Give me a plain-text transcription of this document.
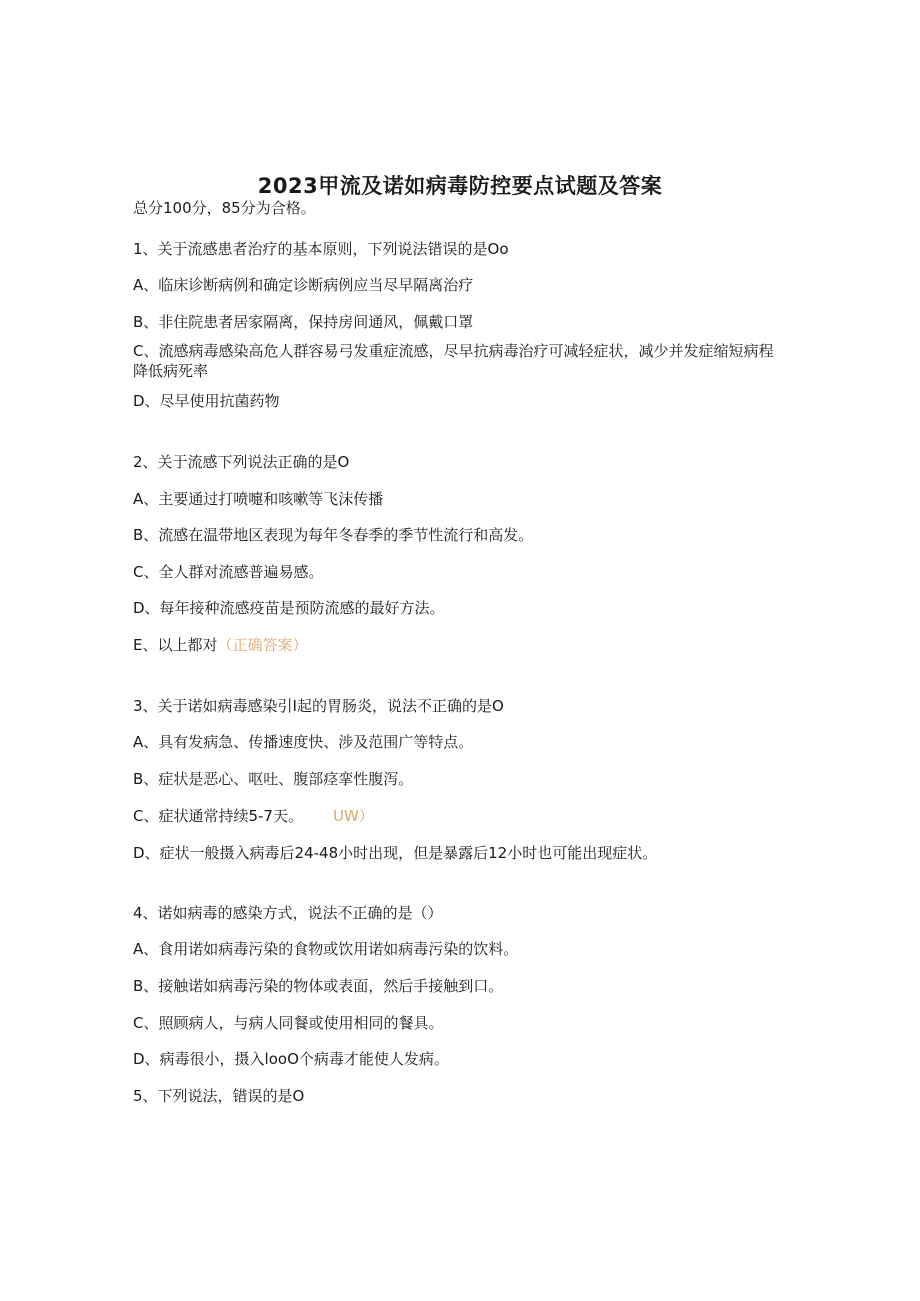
2023甲流及诺如病毒防控要点试题及答案
总分100分，85分为合格。
1、关于流感患者治疗的基本原则，下列说法错误的是Oo
A、临床诊断病例和确定诊断病例应当尽早隔离治疗
B、非住院患者居家隔离，保持房间通风，佩戴口罩
C、流感病毒感染高危人群容易弓发重症流感，尽早抗病毒治疗可减轻症状，减少并发症缩短病程降低病死率
D、尽早使用抗菌药物
2、关于流感下列说法正确的是O
A、主要通过打喷嚏和咳嗽等飞沫传播
B、流感在温带地区表现为每年冬春季的季节性流行和高发。
C、全人群对流感普遍易感。
D、每年接种流感疫苗是预防流感的最好方法。
E、以上都对（正确答案）
3、关于诺如病毒感染引I起的胃肠炎，说法不正确的是O
A、具有发病急、传播速度快、涉及范围广等特点。
B、症状是恶心、呕吐、腹部痉挛性腹泻。
C、症状通常持续5-7天。 UW）
D、症状一般摄入病毒后24-48小时出现，但是暴露后12小时也可能出现症状。
4、诺如病毒的感染方式，说法不正确的是（）
A、食用诺如病毒污染的食物或饮用诺如病毒污染的饮料。
B、接触诺如病毒污染的物体或表面，然后手接触到口。
C、照顾病人，与病人同餐或使用相同的餐具。
D、病毒很小，摄入looO个病毒才能使人发病。
5、下列说法，错误的是O
